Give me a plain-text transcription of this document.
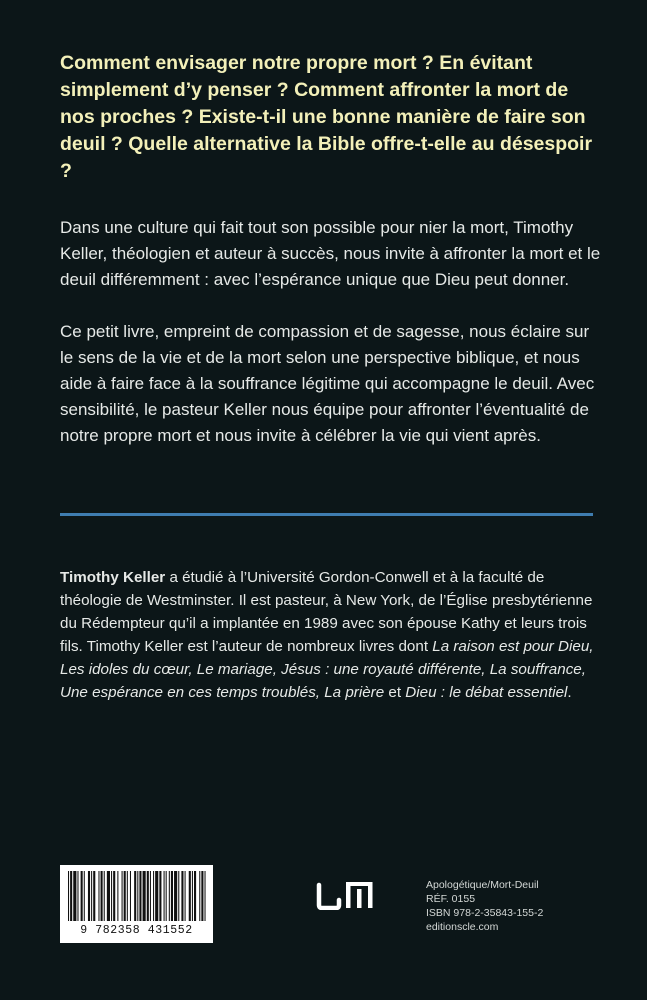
Comment envisager notre propre mort ? En évitant simplement d’y penser ? Comment affronter la mort de nos proches ? Existe-t-il une bonne manière de faire son deuil ? Quelle alternative la Bible offre-t-elle au désespoir ?

Dans une culture qui fait tout son possible pour nier la mort, Timothy Keller, théologien et auteur à succès, nous invite à affronter la mort et le deuil différemment : avec l’espérance unique que Dieu peut donner.

Ce petit livre, empreint de compassion et de sagesse, nous éclaire sur le sens de la vie et de la mort selon une perspective biblique, et nous aide à faire face à la souffrance légitime qui accompagne le deuil. Avec sensibilité, le pasteur Keller nous équipe pour affronter l’éventualité de notre propre mort et nous invite à célébrer la vie qui vient après.

Timothy Keller a étudié à l’Université Gordon-Conwell et à la faculté de théologie de Westminster. Il est pasteur, à New York, de l’Église presbytérienne du Rédempteur qu’il a implantée en 1989 avec son épouse Kathy et leurs trois fils. Timothy Keller est l’auteur de nombreux livres dont La raison est pour Dieu, Les idoles du cœur, Le mariage, Jésus : une royauté différente, La souffrance, Une espérance en ces temps troublés, La prière et Dieu : le débat essentiel.

9 782358 431552
Apologétique/Mort-Deuil
RÉF. 0155
ISBN 978-2-35843-155-2
editionscle.com
